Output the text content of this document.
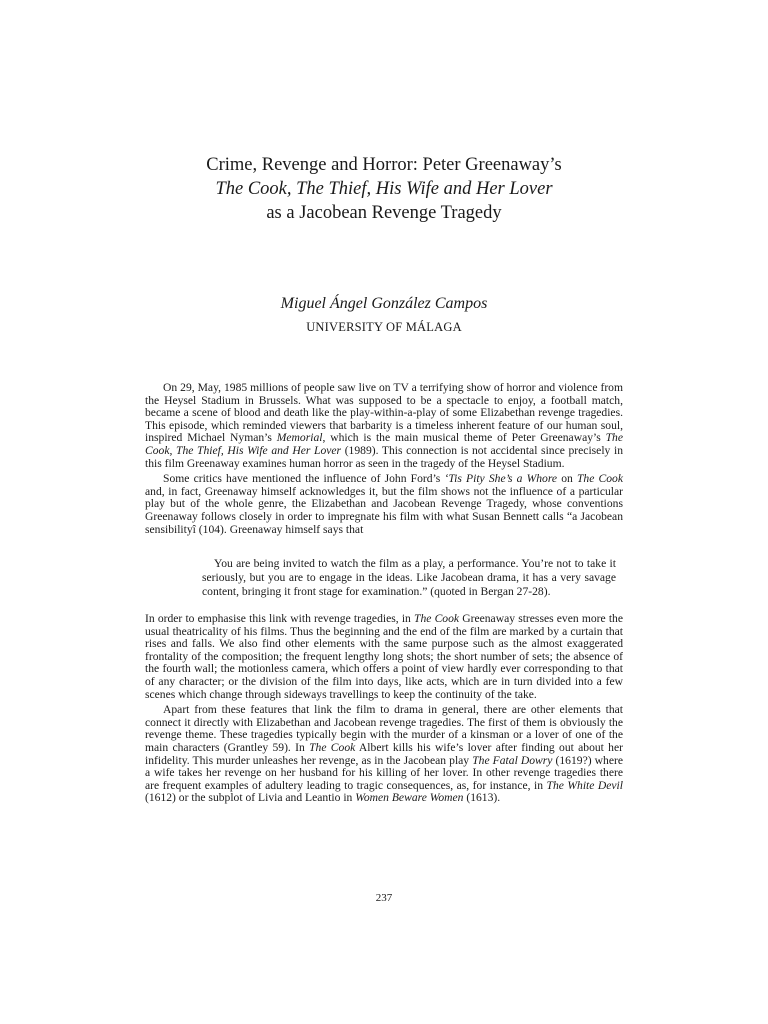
Crime, Revenge and Horror: Peter Greenaway’s
The Cook, The Thief, His Wife and Her Lover
as a Jacobean Revenge Tragedy
Miguel Ángel González Campos
UNIVERSITY OF MÁLAGA

On 29, May, 1985 millions of people saw live on TV a terrifying show of horror and violence from the Heysel Stadium in Brussels. What was supposed to be a spectacle to enjoy, a football match, became a scene of blood and death like the play-within-a-play of some Elizabethan revenge tragedies. This episode, which reminded viewers that barbarity is a timeless inherent feature of our human soul, inspired Michael Nyman’s Memorial, which is the main musical theme of Peter Greenaway’s The Cook, The Thief, His Wife and Her Lover (1989). This connection is not accidental since precisely in this film Greenaway examines human horror as seen in the tragedy of the Heysel Stadium.

Some critics have mentioned the influence of John Ford’s ‘Tis Pity She’s a Whore on The Cook and, in fact, Greenaway himself acknowledges it, but the film shows not the influence of a particular play but of the whole genre, the Elizabethan and Jacobean Revenge Tragedy, whose conventions Greenaway follows closely in order to impregnate his film with what Susan Bennett calls “a Jacobean sensibilityî (104). Greenaway himself says that

You are being invited to watch the film as a play, a performance. You’re not to take it seriously, but you are to engage in the ideas. Like Jacobean drama, it has a very savage content, bringing it front stage for examination.” (quoted in Bergan 27-28).

In order to emphasise this link with revenge tragedies, in The Cook Greenaway stresses even more the usual theatricality of his films. Thus the beginning and the end of the film are marked by a curtain that rises and falls. We also find other elements with the same purpose such as the almost exaggerated frontality of the composition; the frequent lengthy long shots; the short number of sets; the absence of the fourth wall; the motionless camera, which offers a point of view hardly ever corresponding to that of any character; or the division of the film into days, like acts, which are in turn divided into a few scenes which change through sideways travellings to keep the continuity of the take.

Apart from these features that link the film to drama in general, there are other elements that connect it directly with Elizabethan and Jacobean revenge tragedies. The first of them is obviously the revenge theme. These tragedies typically begin with the murder of a kinsman or a lover of one of the main characters (Grantley 59). In The Cook Albert kills his wife’s lover after finding out about her infidelity. This murder unleashes her revenge, as in the Jacobean play The Fatal Dowry (1619?) where a wife takes her revenge on her husband for his killing of her lover. In other revenge tragedies there are frequent examples of adultery leading to tragic consequences, as, for instance, in The White Devil (1612) or the subplot of Livia and Leantio in Women Beware Women (1613).

237
